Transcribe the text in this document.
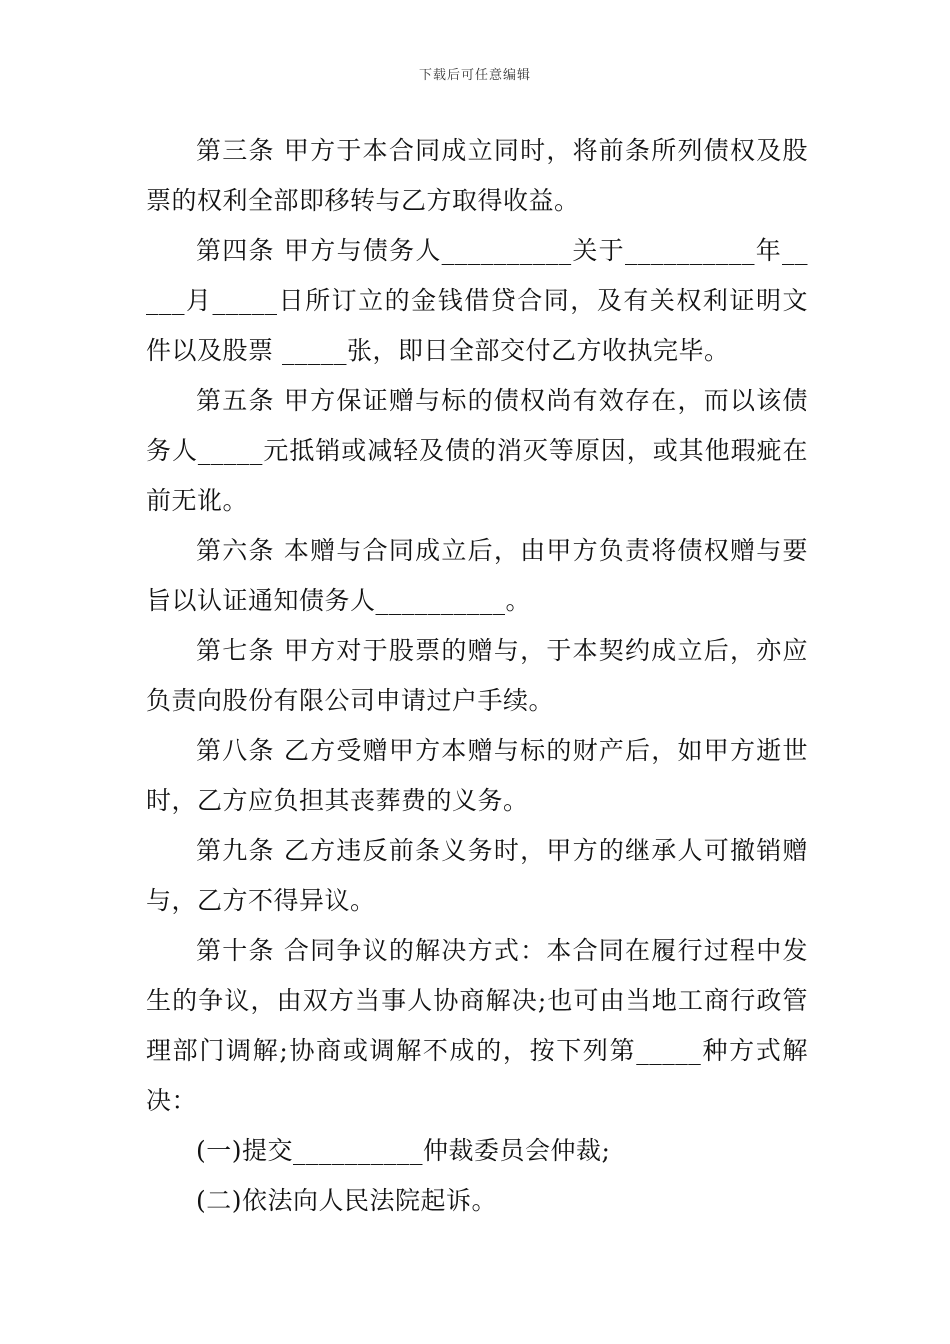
下载后可任意编辑

第三条 甲方于本合同成立同时，将前条所列债权及股票的权利全部即移转与乙方取得收益。

第四条 甲方与债务人__________关于__________年_____月_____日所订立的金钱借贷合同，及有关权利证明文件以及股票 _____张，即日全部交付乙方收执完毕。

第五条 甲方保证赠与标的债权尚有效存在，而以该债务人_____元抵销或减轻及债的消灭等原因，或其他瑕疵在前无讹。

第六条 本赠与合同成立后，由甲方负责将债权赠与要旨以认证通知债务人__________。

第七条 甲方对于股票的赠与，于本契约成立后，亦应负责向股份有限公司申请过户手续。

第八条 乙方受赠甲方本赠与标的财产后，如甲方逝世时，乙方应负担其丧葬费的义务。

第九条 乙方违反前条义务时，甲方的继承人可撤销赠与，乙方不得异议。

第十条 合同争议的解决方式：本合同在履行过程中发生的争议，由双方当事人协商解决;也可由当地工商行政管理部门调解;协商或调解不成的，按下列第_____种方式解决：

(一)提交__________仲裁委员会仲裁;

(二)依法向人民法院起诉。
